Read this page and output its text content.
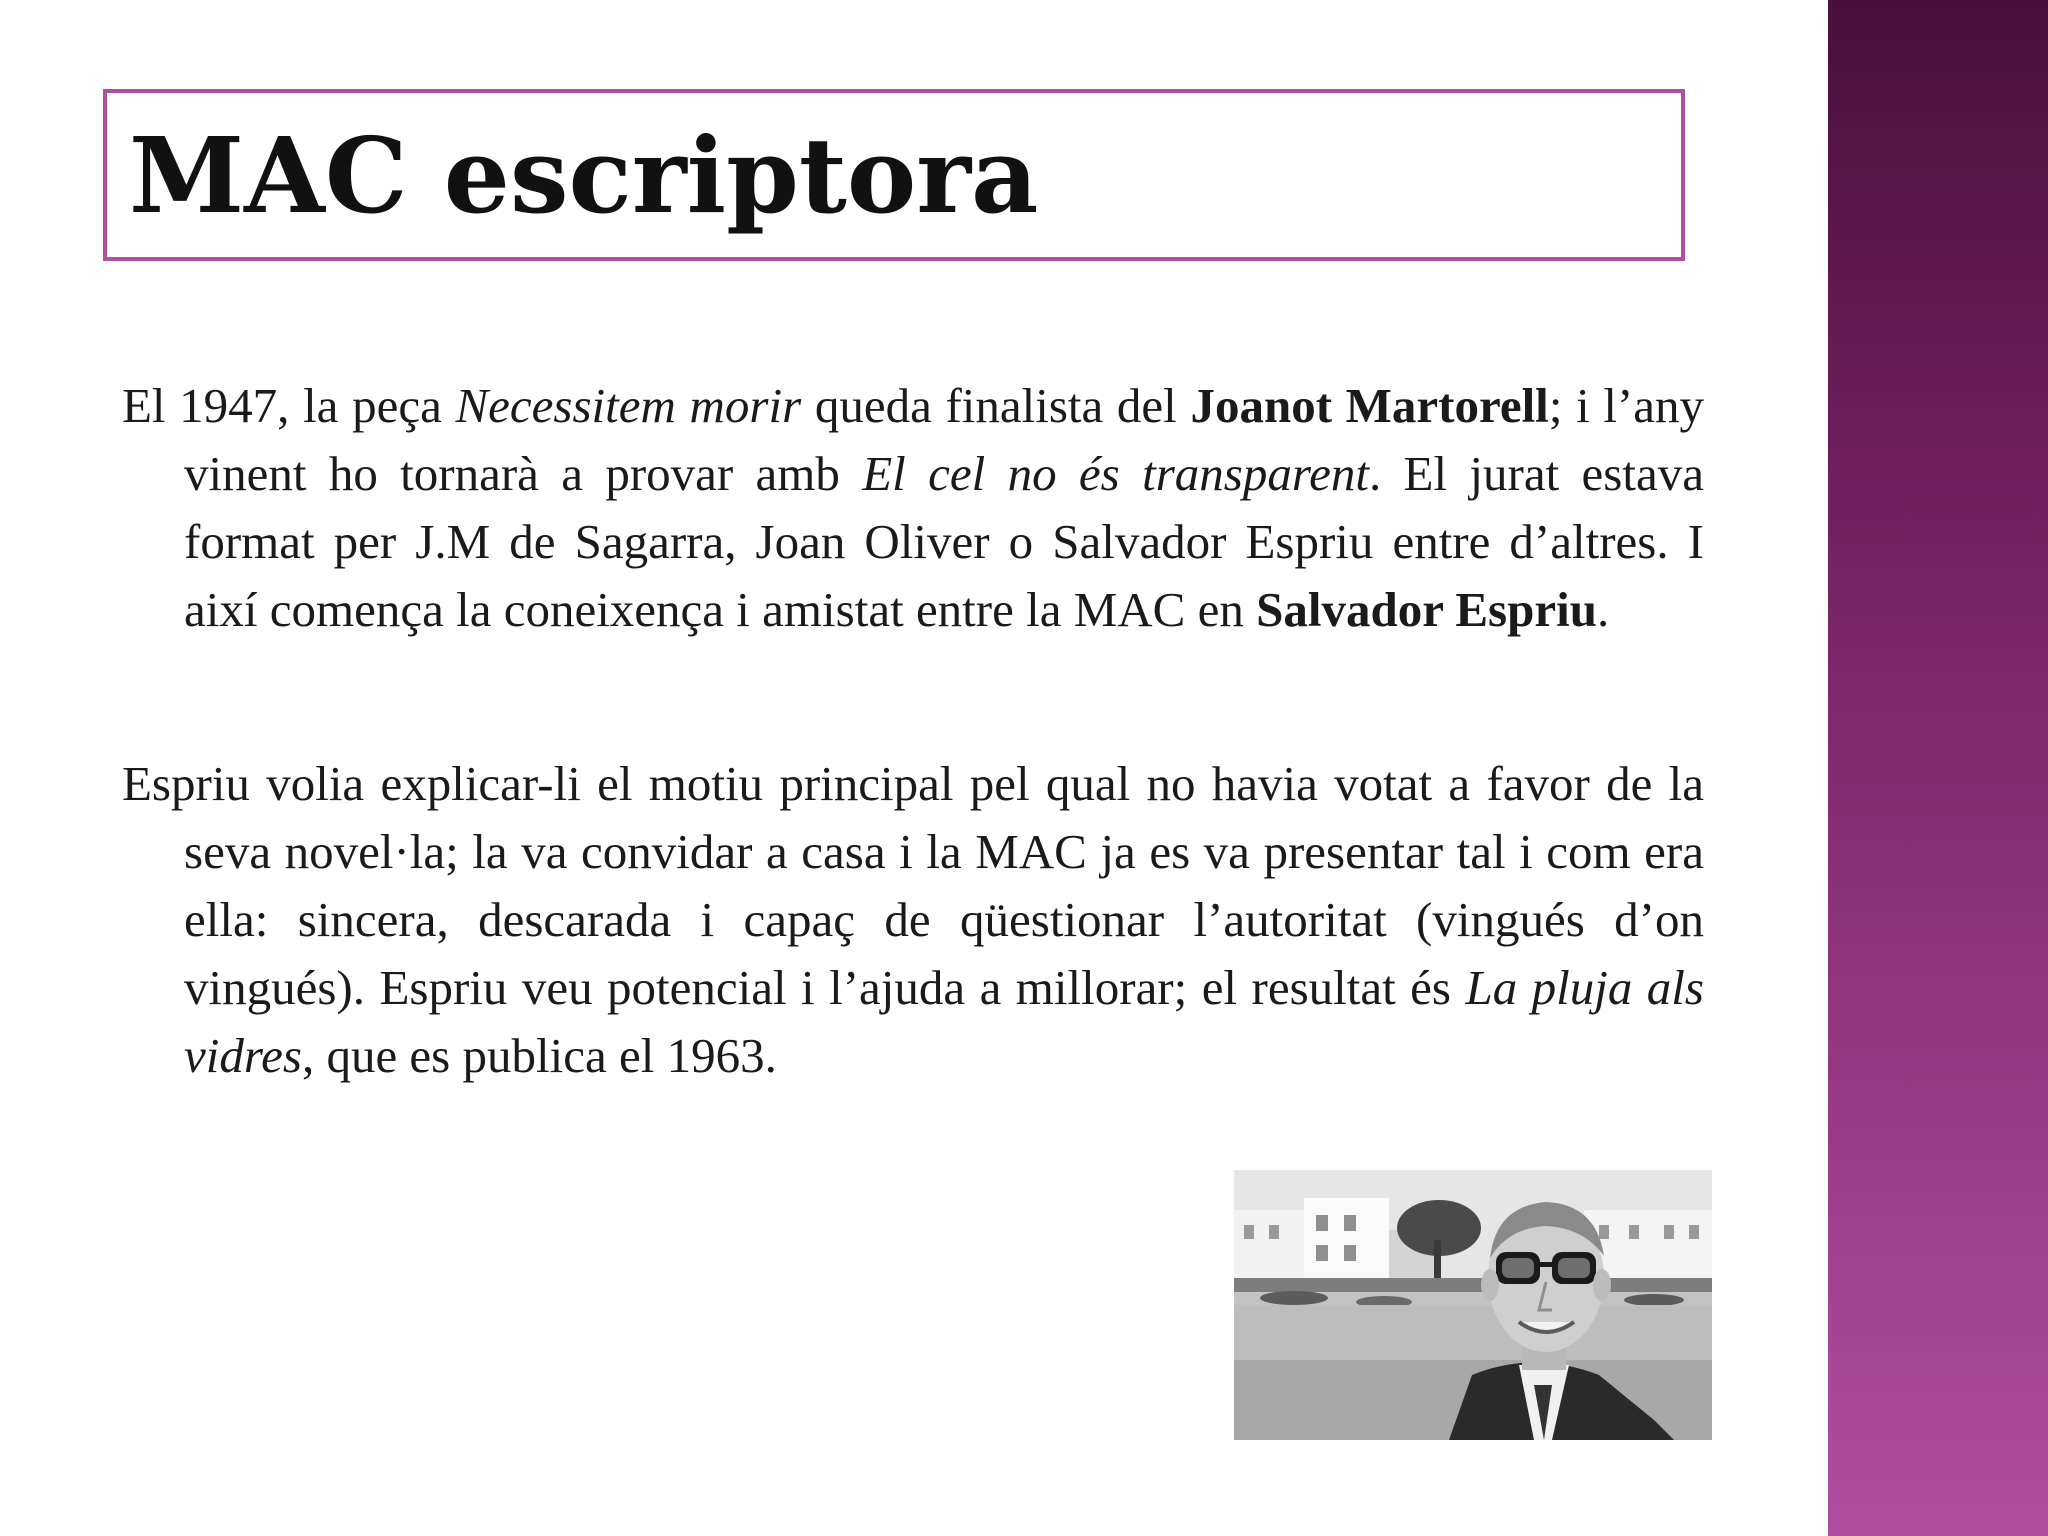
MAC escriptora

El 1947, la peça Necessitem morir queda finalista del Joanot Martorell; i l’any vinent ho tornarà a provar amb El cel no és transparent. El jurat estava format per J.M de Sagarra, Joan Oliver o Salvador Espriu entre d’altres. I així comença la coneixença i amistat entre la MAC en Salvador Espriu.

Espriu volia explicar-li el motiu principal pel qual no havia votat a favor de la seva novel·la; la va convidar a casa i la MAC ja es va presentar tal i com era ella: sincera, descarada i capaç de qüestionar l’autoritat (vingués d’on vingués). Espriu veu potencial i l’ajuda a millorar; el resultat és La pluja als vidres, que es publica el 1963.
